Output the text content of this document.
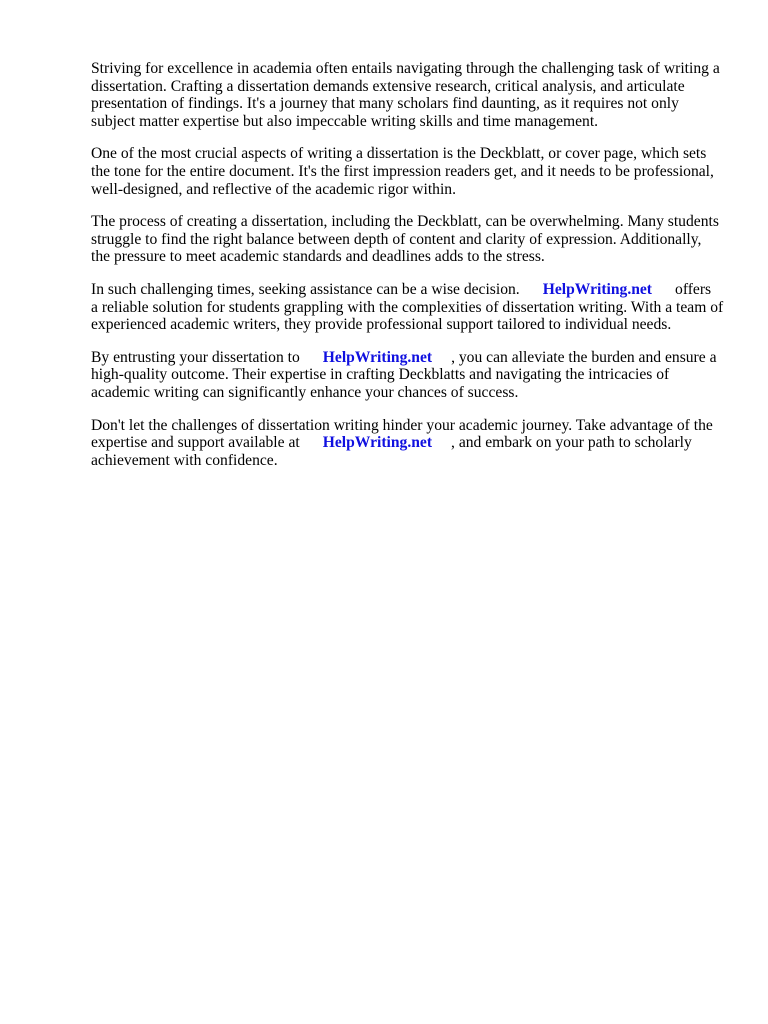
Striving for excellence in academia often entails navigating through the challenging task of writing a
dissertation. Crafting a dissertation demands extensive research, critical analysis, and articulate
presentation of findings. It's a journey that many scholars find daunting, as it requires not only
subject matter expertise but also impeccable writing skills and time management.

One of the most crucial aspects of writing a dissertation is the Deckblatt, or cover page, which sets
the tone for the entire document. It's the first impression readers get, and it needs to be professional,
well-designed, and reflective of the academic rigor within.

The process of creating a dissertation, including the Deckblatt, can be overwhelming. Many students
struggle to find the right balance between depth of content and clarity of expression. Additionally,
the pressure to meet academic standards and deadlines adds to the stress.

In such challenging times, seeking assistance can be a wise decision. HelpWriting.net offers
a reliable solution for students grappling with the complexities of dissertation writing. With a team of
experienced academic writers, they provide professional support tailored to individual needs.

By entrusting your dissertation to HelpWriting.net , you can alleviate the burden and ensure a
high-quality outcome. Their expertise in crafting Deckblatts and navigating the intricacies of
academic writing can significantly enhance your chances of success.

Don't let the challenges of dissertation writing hinder your academic journey. Take advantage of the
expertise and support available at HelpWriting.net , and embark on your path to scholarly
achievement with confidence.
